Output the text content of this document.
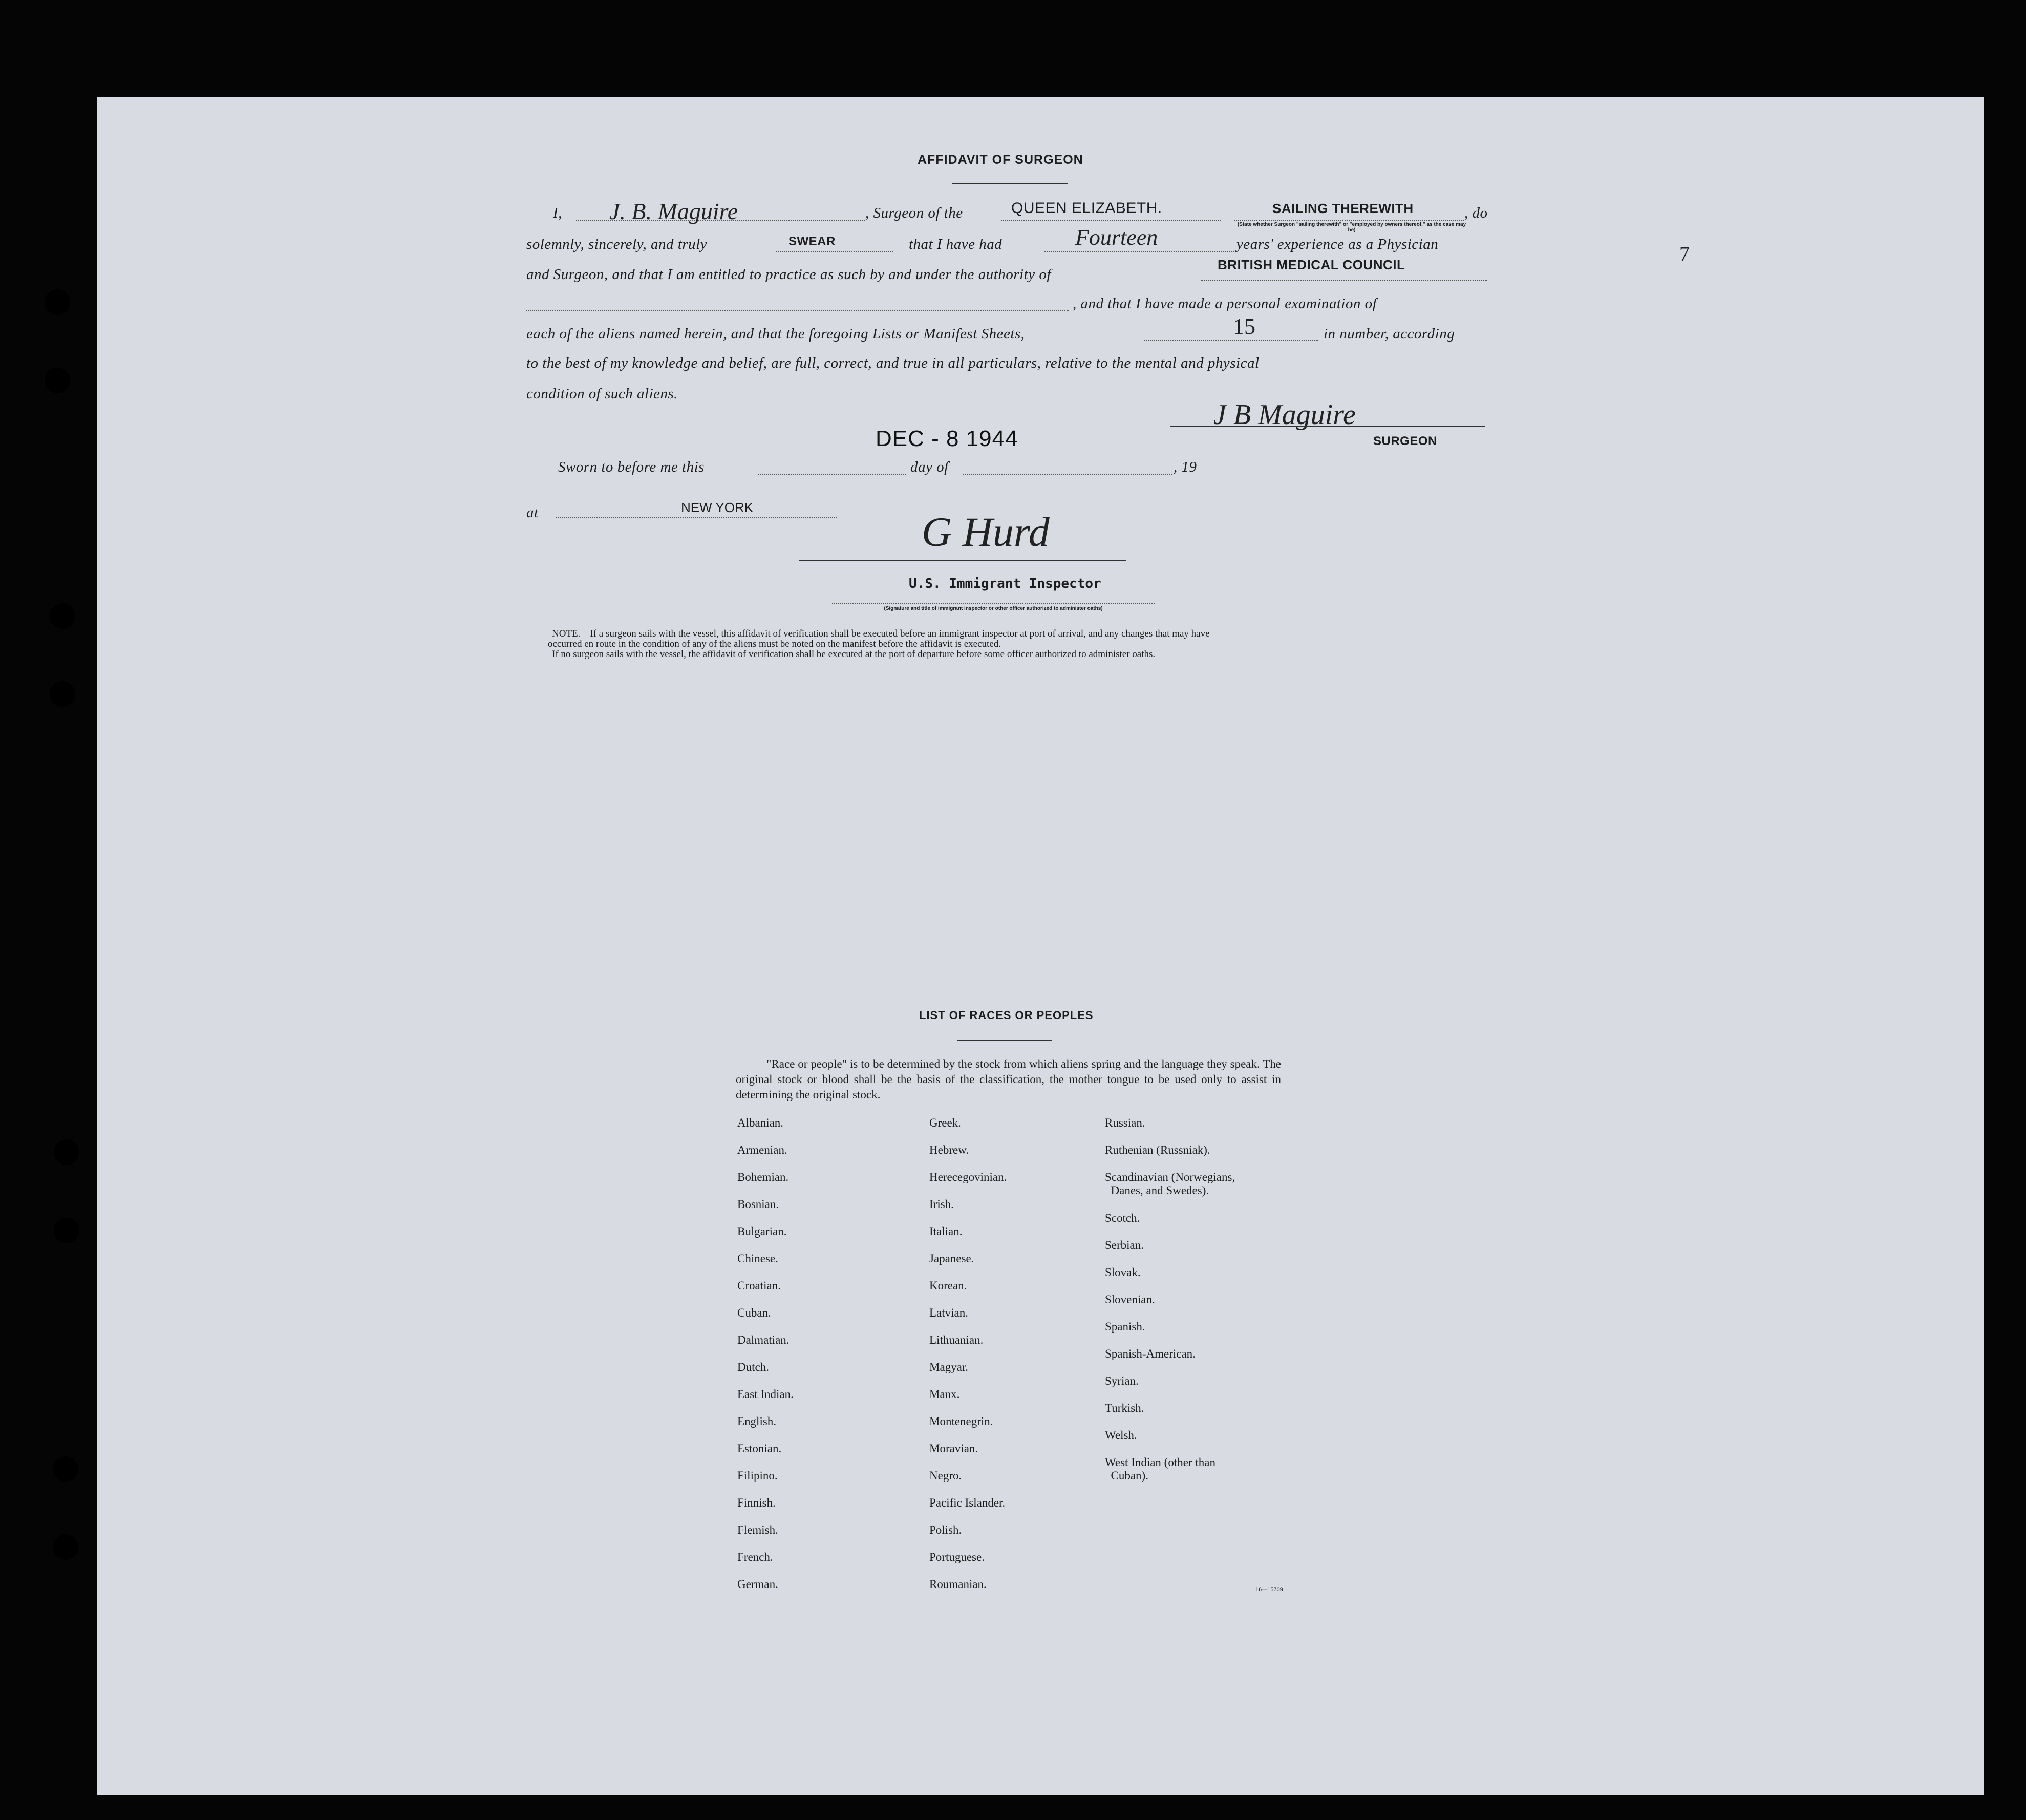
7
AFFIDAVIT OF SURGEON
I, J. B. Maguire	, Surgeon of the	QUEEN ELIZABETH.	SAILING THEREWITH
(State whether Surgeon "sailing therewith" or "employed by owners thereof," as the case may be)
, do
solemnly, sincerely, and truly	SWEAR	that I have had	Fourteen	years' experience as a Physician
and Surgeon, and that I am entitled to practice as such by and under the authority of
BRITISH MEDICAL COUNCIL
, and that I have made a personal examination of
each of the aliens named herein, and that the foregoing Lists or Manifest Sheets,	15	in number, according
to the best of my knowledge and belief, are full, correct, and true in all particulars, relative to the mental and physical
condition of such aliens.
DEC - 8 1944
J B Maguire
SURGEON
Sworn to before me this	day of	, 19
at	NEW YORK
G Hurd
U.S. Immigrant Inspector
(Signature and title of immigrant inspector or other officer authorized to administer oaths)
NOTE.—If a surgeon sails with the vessel, this affidavit of verification shall be executed before an immigrant inspector at port of arrival, and any changes that may have
occurred en route in the condition of any of the aliens must be noted on the manifest before the affidavit is executed.
If no surgeon sails with the vessel, the affidavit of verification shall be executed at the port of departure before some officer authorized to administer oaths.
LIST OF RACES OR PEOPLES
"Race or people" is to be determined by the stock from which aliens spring and the language they speak. The original stock or blood shall be the basis of the classification, the mother tongue to be used only to assist in determining the original stock.
Albanian.
Armenian.
Bohemian.
Bosnian.
Bulgarian.
Chinese.
Croatian.
Cuban.
Dalmatian.
Dutch.
East Indian.
English.
Estonian.
Filipino.
Finnish.
Flemish.
French.
German.
Greek.
Hebrew.
Herecegovinian.
Irish.
Italian.
Japanese.
Korean.
Latvian.
Lithuanian.
Magyar.
Manx.
Montenegrin.
Moravian.
Negro.
Pacific Islander.
Polish.
Portuguese.
Roumanian.
Russian.
Ruthenian (Russniak).
Scandinavian (Norwegians,
Danes, and Swedes).
Scotch.
Serbian.
Slovak.
Slovenian.
Spanish.
Spanish-American.
Syrian.
Turkish.
Welsh.
West Indian (other than
Cuban).
16—15709
